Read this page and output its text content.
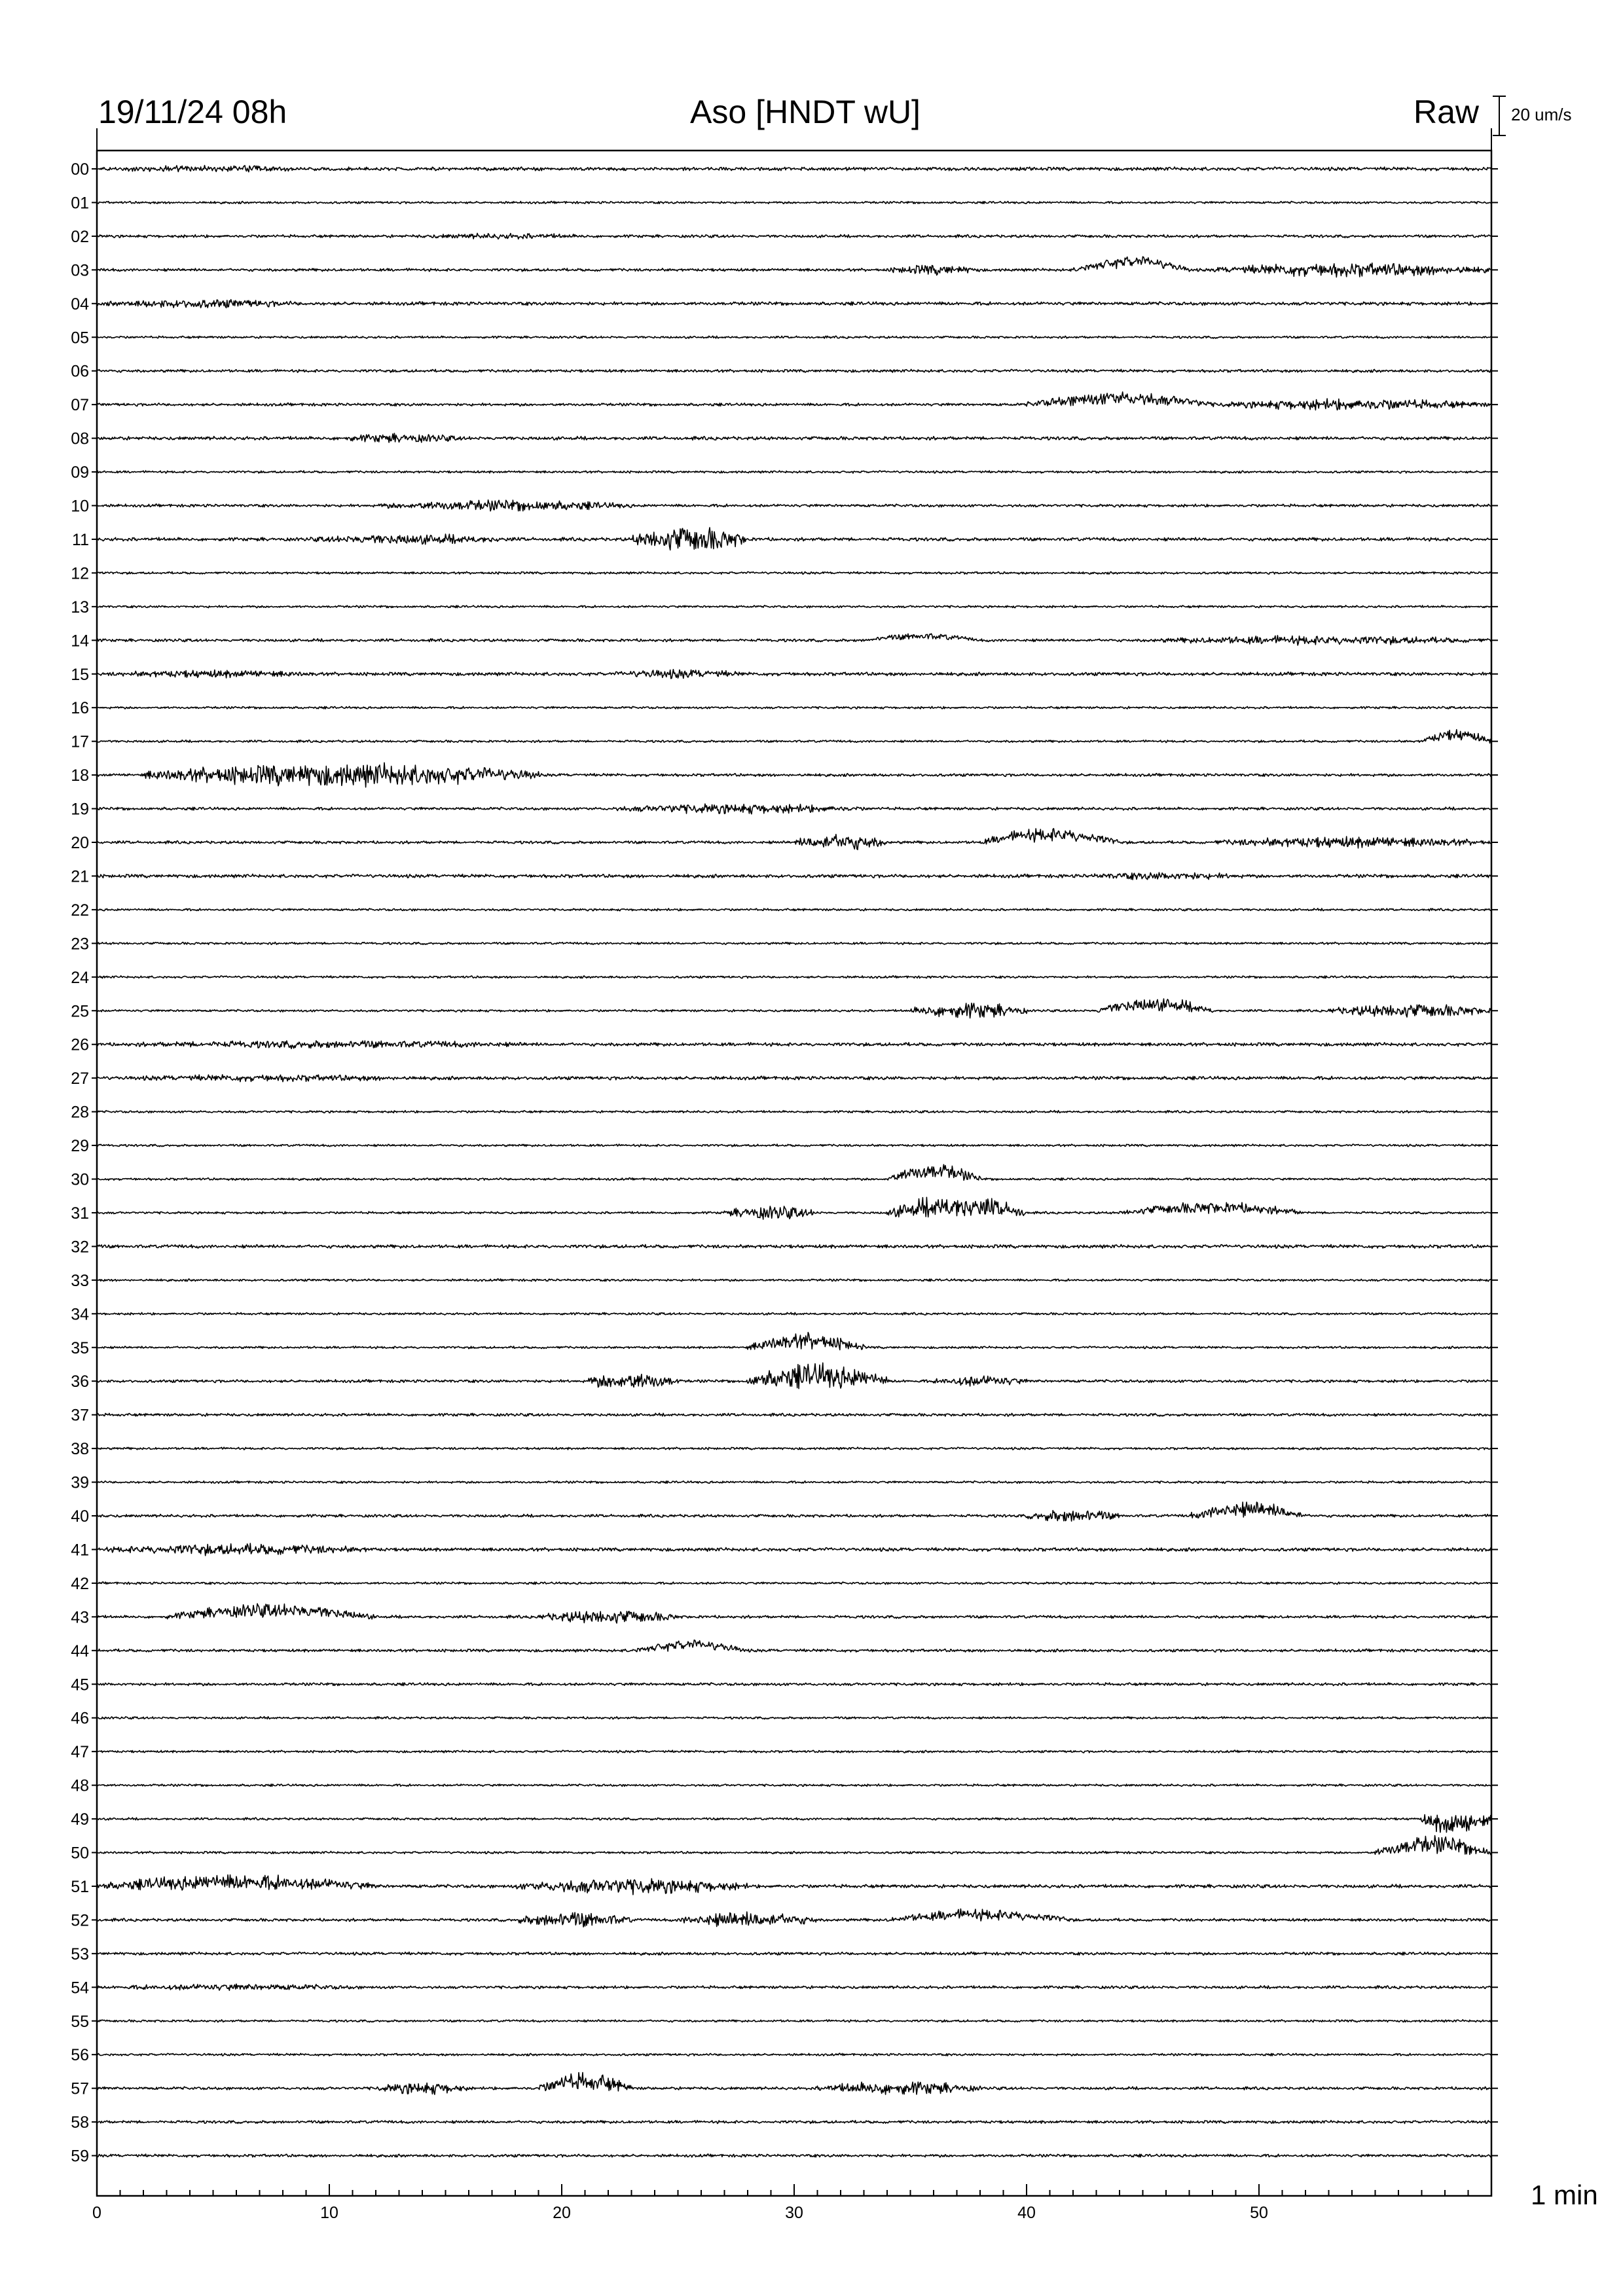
19/11/24 08h	Aso [HNDT wU]	Raw 20 um/s
1 min
00
01
02
03
04
05
06
07
08
09
10
11
12
13
14
15
16
17
18
19
20
21
22
23
24
25
26
27
28
29
30
31
32
33
34
35
36
37
38
39
40
41
42
43
44
45
46
47
48
49
50
51
52
53
54
55
56
57
58
59
0	10	20	30	40	50
